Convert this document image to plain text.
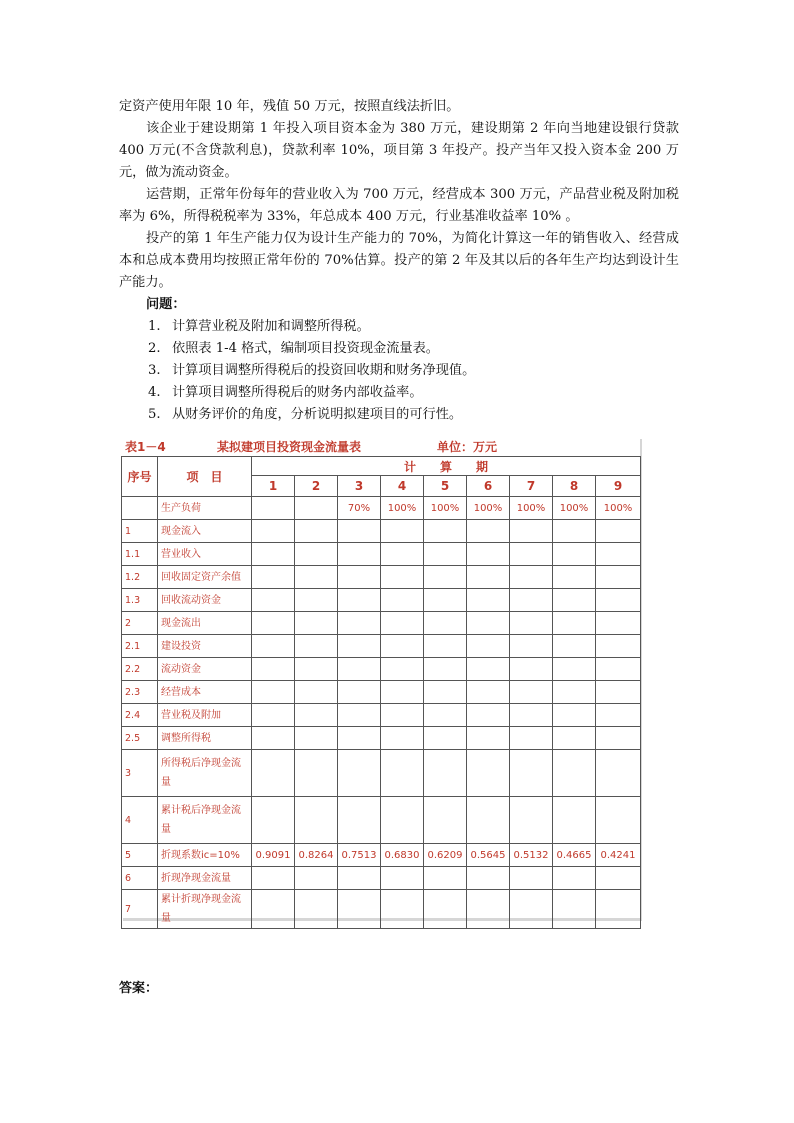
定资产使用年限 10 年，残值 50 万元，按照直线法折旧。

该企业于建设期第 1 年投入项目资本金为 380 万元，建设期第 2 年向当地建设银行贷款 400 万元(不含贷款利息)，贷款利率 10%，项目第 3 年投产。投产当年又投入资本金 200 万元，做为流动资金。

运营期，正常年份每年的营业收入为 700 万元，经营成本 300 万元，产品营业税及附加税率为 6%，所得税税率为 33%，年总成本 400 万元，行业基准收益率 10% 。

投产的第 1 年生产能力仅为设计生产能力的 70%，为简化计算这一年的销售收入、经营成本和总成本费用均按照正常年份的 70%估算。投产的第 2 年及其以后的各年生产均达到设计生产能力。

问题：

1. 计算营业税及附加和调整所得税。
2. 依照表 1-4 格式，编制项目投资现金流量表。
3. 计算项目调整所得税后的投资回收期和财务净现值。
4. 计算项目调整所得税后的财务内部收益率。
5. 从财务评价的角度，分析说明拟建项目的可行性。
表1－4	某拟建项目投资现金流量表	单位：万元
序号	项　目	计　　算　　期								
		1	2	3	4	5	6	7	8	9
	生产负荷			70%	100%	100%	100%	100%	100%	100%
1	现金流入									
1.1	营业收入									
1.2	回收固定资产余值									
1.3	回收流动资金									
2	现金流出									
2.1	建设投资									
2.2	流动资金									
2.3	经营成本									
2.4	营业税及附加									
2.5	调整所得税									
3	所得税后净现金流量									
4	累计税后净现金流量									
5	折现系数ic=10%	0.9091	0.8264	0.7513	0.6830	0.6209	0.5645	0.5132	0.4665	0.4241
6	折现净现金流量									
7	累计折现净现金流量									
答案：
